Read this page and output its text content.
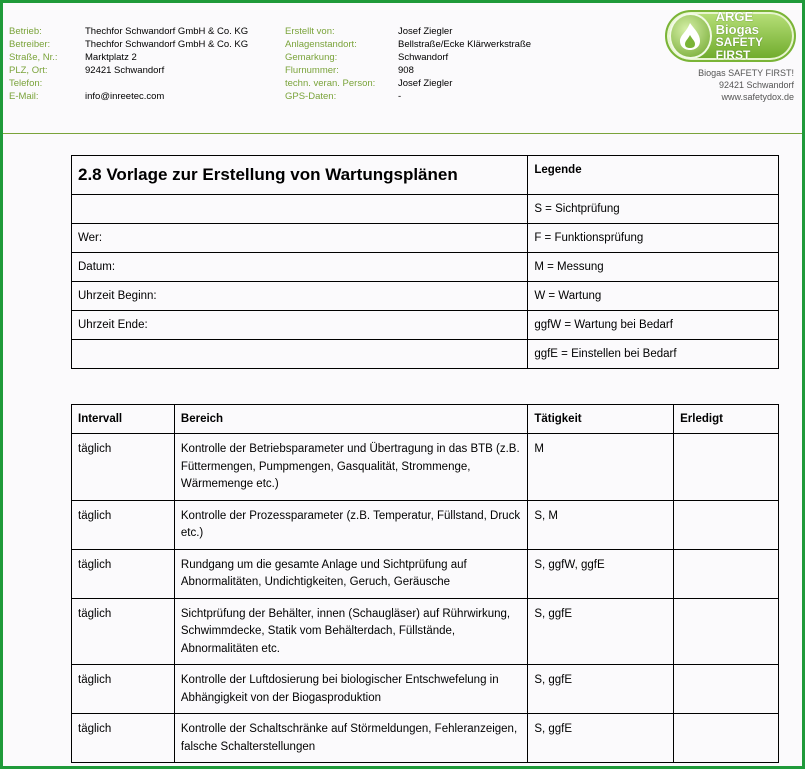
Betrieb:	Thechfor Schwandorf GmbH & Co. KG
Betreiber:	Thechfor Schwandorf GmbH & Co. KG
Straße, Nr.:	Marktplatz 2
PLZ, Ort:	92421 Schwandorf
Telefon:
E-Mail:	info@inreetec.com
Erstellt von:	Josef Ziegler
Anlagenstandort:	Bellstraße/Ecke Klärwerkstraße
Gemarkung:	Schwandorf
Flurnummer:	908
techn. veran. Person:	Josef Ziegler
GPS-Daten:	-
ARGE Biogas
SAFETY FIRST
Biogas SAFETY FIRST!
92421 Schwandorf
www.safetydox.de
2.8 Vorlage zur Erstellung von Wartungsplänen	Legende
	S = Sichtprüfung
Wer:	F = Funktionsprüfung
Datum:	M = Messung
Uhrzeit Beginn:	W = Wartung
Uhrzeit Ende:	ggfW = Wartung bei Bedarf
	ggfE = Einstellen bei Bedarf
Intervall	Bereich	Tätigkeit	Erledigt
täglich	Kontrolle der Betriebsparameter und Übertragung in das BTB (z.B. Füttermengen, Pumpmengen, Gasqualität, Strommenge, Wärmemenge etc.)	M	
täglich	Kontrolle der Prozessparameter (z.B. Temperatur, Füllstand, Druck etc.)	S, M	
täglich	Rundgang um die gesamte Anlage und Sichtprüfung auf Abnormalitäten, Undichtigkeiten, Geruch, Geräusche	S, ggfW, ggfE	
täglich	Sichtprüfung der Behälter, innen (Schaugläser) auf Rührwirkung, Schwimmdecke, Statik vom Behälterdach, Füllstände, Abnormalitäten etc.	S, ggfE	
täglich	Kontrolle der Luftdosierung bei biologischer Entschwefelung in Abhängigkeit von der Biogasproduktion	S, ggfE	
täglich	Kontrolle der Schaltschränke auf Störmeldungen, Fehleranzeigen, falsche Schalterstellungen	S, ggfE	
